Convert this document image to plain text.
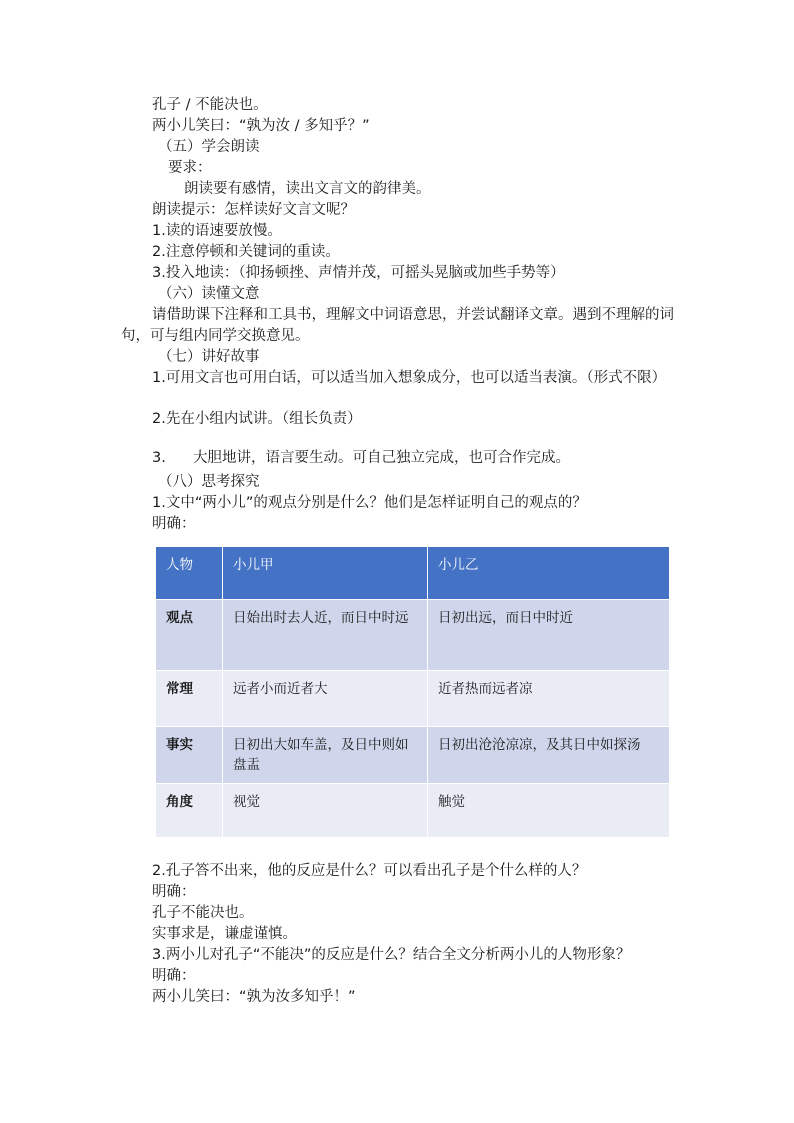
孔子 / 不能决也。
两小儿笑曰：“孰为汝 / 多知乎？”
（五）学会朗读
要求：
朗读要有感情，读出文言文的韵律美。
朗读提示：怎样读好文言文呢？
1.读的语速要放慢。
2.注意停顿和关键词的重读。
3.投入地读：（抑扬顿挫、声情并茂，可摇头晃脑或加些手势等）
（六）读懂文意
请借助课下注释和工具书，理解文中词语意思，并尝试翻译文章。遇到不理解的词句，可与组内同学交换意见。
（七）讲好故事
1.可用文言也可用白话，可以适当加入想象成分，也可以适当表演。（形式不限）
2.先在小组内试讲。（组长负责）
3. 大胆地讲，语言要生动。可自己独立完成，也可合作完成。
（八）思考探究
1.文中“两小儿”的观点分别是什么？他们是怎样证明自己的观点的？
明确：
人物	小儿甲	小儿乙
观点	日始出时去人近，而日中时远	日初出远，而日中时近
常理	远者小而近者大	近者热而远者凉
事实	日初出大如车盖，及日中则如盘盂	日初出沧沧凉凉，及其日中如探汤
角度	视觉	触觉
2.孔子答不出来，他的反应是什么？可以看出孔子是个什么样的人？
明确：
孔子不能决也。
实事求是，谦虚谨慎。
3.两小儿对孔子“不能决”的反应是什么？结合全文分析两小儿的人物形象？
明确：
两小儿笑曰：“孰为汝多知乎！”
